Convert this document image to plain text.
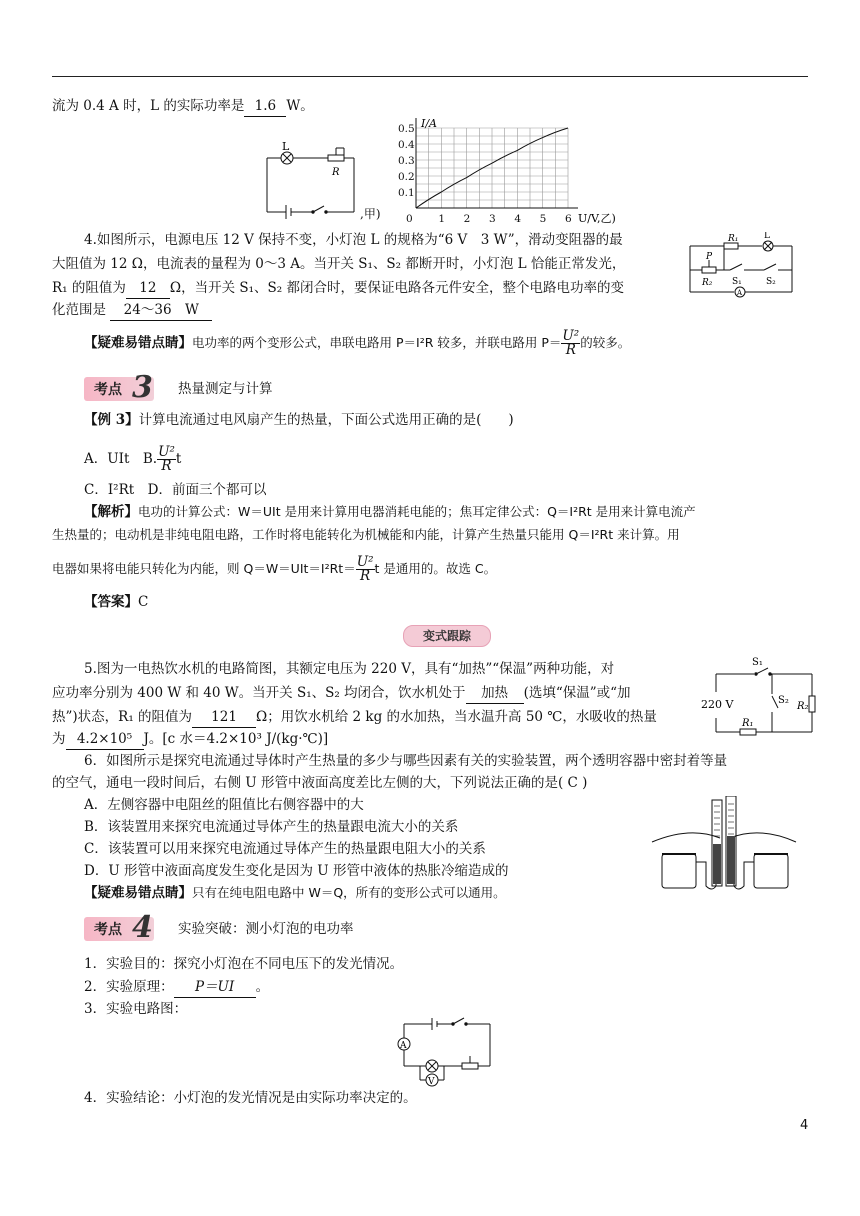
流为 0.4 A 时，L 的实际功率是 1.6 W。
L
R
,甲) 0 1 2 3 4 5 6
0.1
0.2
0.3
0.4
0.5 I/A
U/V,乙)
4.如图所示，电源电压 12 V 保持不变，小灯泡 L 的规格为“6 V　3 W”，滑动变阻器的最
大阻值为 12 Ω，电流表的量程为 0～3 A。当开关 S₁、S₂ 都断开时，小灯泡 L 恰能正常发光，
R₁ 的阻值为 12 Ω，当开关 S₁、S₂ 都闭合时，要保证电路各元件安全，整个电路电功率的变
化范围是 24～36　W
R₁	L
P
R₂ S₁	S₂
A
【疑难易错点睛】电功率的两个变形公式，串联电路用 P＝I²R 较多，并联电路用 $P= \frac{\text{U²}}{R}$ 的较多。
考点 3 热量测定与计算
【例 3】计算电流通过电风扇产生的热量，下面公式选用正确的是(　　)
A．UIt　 B. $\frac{\text{U²}}{R}$ t
C．I²Rt　 D．前面三个都可以
【解析】电功的计算公式：W＝UIt 是用来计算用电器消耗电能的；焦耳定律公式：Q＝I²Rt 是用来计算电流产
生热量的；电动机是非纯电阻电路，工作时将电能转化为机械能和内能，计算产生热量只能用 Q＝I²Rt 来计算。用
电器如果将电能只转化为内能，则 $Q=W=UIt=I^2Rt= \frac{\text{U²}}{R}$ t 是通用的。故选 C。
【答案】C
变式跟踪
5.图为一电热饮水机的电路简图，其额定电压为 220 V，具有“加热”“保温”两种功能，对
应功率分别为 400 W 和 40 W。当开关 S₁、S₂ 均闭合，饮水机处于 加热 (选填“保温”或“加
热”)状态，R₁ 的阻值为 121 Ω；用饮水机给 2 kg 的水加热，当水温升高 50 ℃，水吸收的热量
为 4.2×10⁵ J。[c 水＝4.2×10³ J/(kg·℃)]
S₁
S₂
220 V
R₁
R₂
6．如图所示是探究电流通过导体时产生热量的多少与哪些因素有关的实验装置，两个透明容器中密封着等量
的空气，通电一段时间后，右侧 U 形管中液面高度差比左侧的大，下列说法正确的是( C )
A．左侧容器中电阻丝的阻值比右侧容器中的大
B．该装置用来探究电流通过导体产生的热量跟电流大小的关系
C．该装置可以用来探究电流通过导体产生的热量跟电阻大小的关系
D．U 形管中液面高度发生变化是因为 U 形管中液体的热胀冷缩造成的
【疑难易错点睛】只有在纯电阻电路中 W＝Q，所有的变形公式可以通用。
考点 4 实验突破：测小灯泡的电功率
1．实验目的：探究小灯泡在不同电压下的发光情况。
2．实验原理： P＝UI 。
3．实验电路图：
A
V
4．实验结论：小灯泡的发光情况是由实际功率决定的。
4
